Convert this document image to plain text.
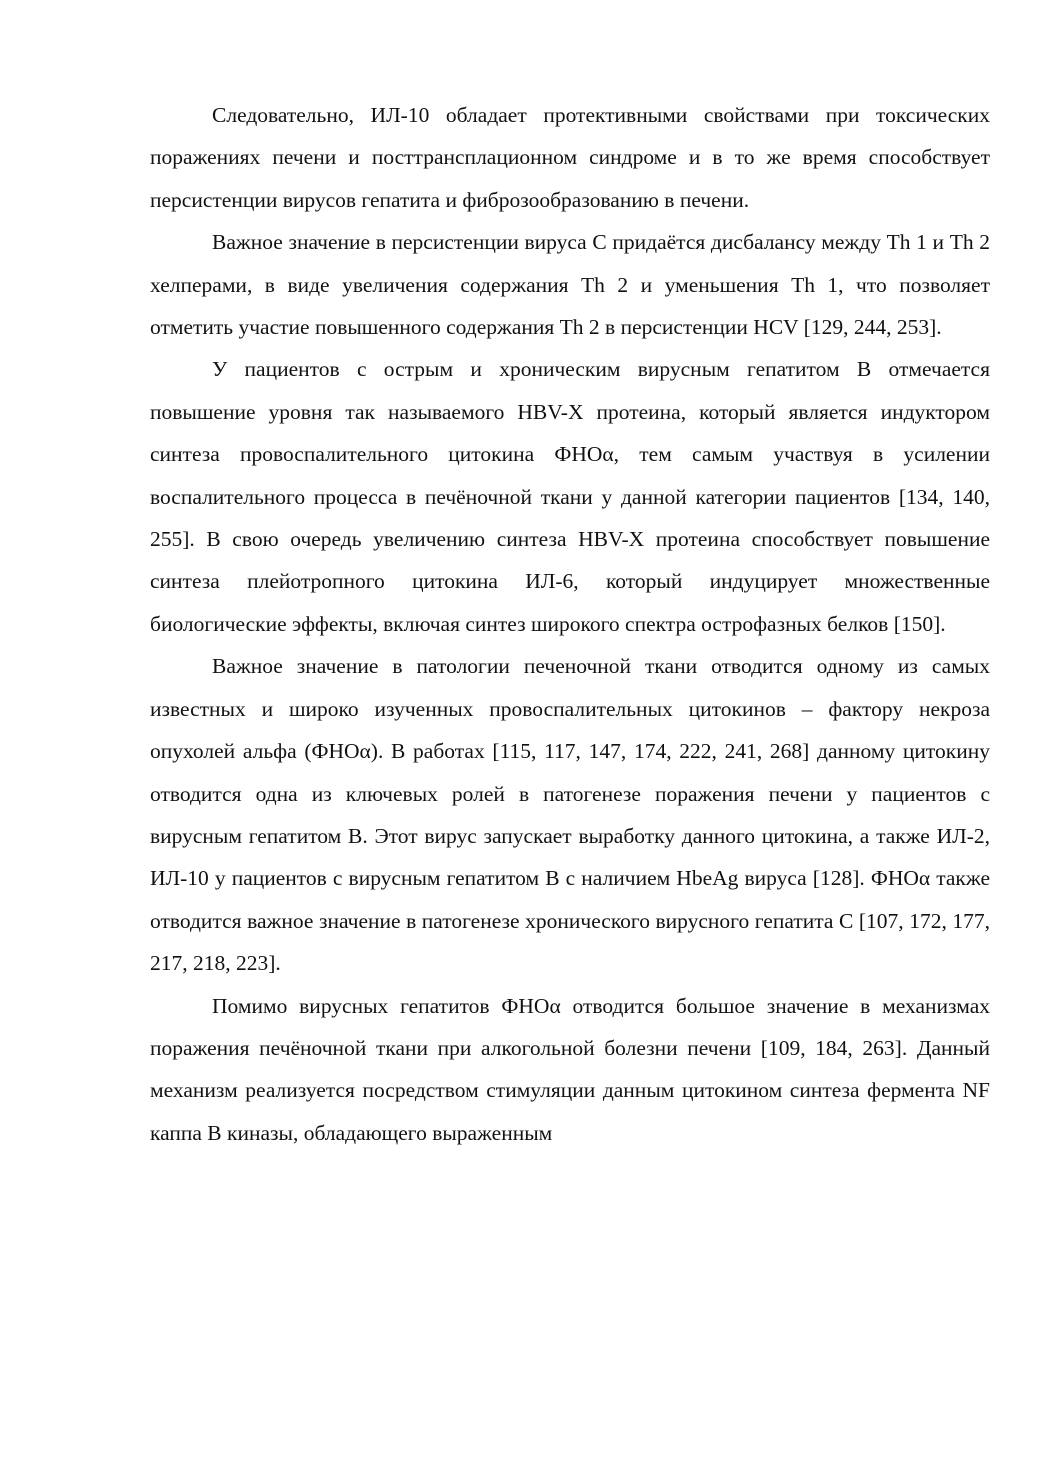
Следовательно, ИЛ-10 обладает протективными свойствами при токсических поражениях печени и посттрансплационном синдроме и в то же время способствует персистенции вирусов гепатита и фиброзообразованию в печени.

Важное значение в персистенции вируса С придаётся дисбалансу между Th 1 и Th 2 хелперами, в виде увеличения содержания Th 2 и уменьшения Th 1, что позволяет отметить участие повышенного содержания Th 2 в персистенции HCV [129, 244, 253].

У пациентов с острым и хроническим вирусным гепатитом В отмечается повышение уровня так называемого HBV-X протеина, который является индуктором синтеза провоспалительного цитокина ФНОα, тем самым участвуя в усилении воспалительного процесса в печёночной ткани у данной категории пациентов [134, 140, 255]. В свою очередь увеличению синтеза HBV-X протеина способствует повышение синтеза плейотропного цитокина ИЛ-6, который индуцирует множественные биологические эффекты, включая синтез широкого спектра острофазных белков [150].

Важное значение в патологии печеночной ткани отводится одному из самых известных и широко изученных провоспалительных цитокинов – фактору некроза опухолей альфа (ФНОα). В работах [115, 117, 147, 174, 222, 241, 268] данному цитокину отводится одна из ключевых ролей в патогенезе поражения печени у пациентов с вирусным гепатитом В. Этот вирус запускает выработку данного цитокина, а также ИЛ-2, ИЛ-10 у пациентов с вирусным гепатитом В с наличием HbeAg вируса [128]. ФНОα также отводится важное значение в патогенезе хронического вирусного гепатита С [107, 172, 177, 217, 218, 223].

Помимо вирусных гепатитов ФНОα отводится большое значение в механизмах поражения печёночной ткани при алкогольной болезни печени [109, 184, 263]. Данный механизм реализуется посредством стимуляции данным цитокином синтеза фермента NF каппа В киназы, обладающего выраженным
